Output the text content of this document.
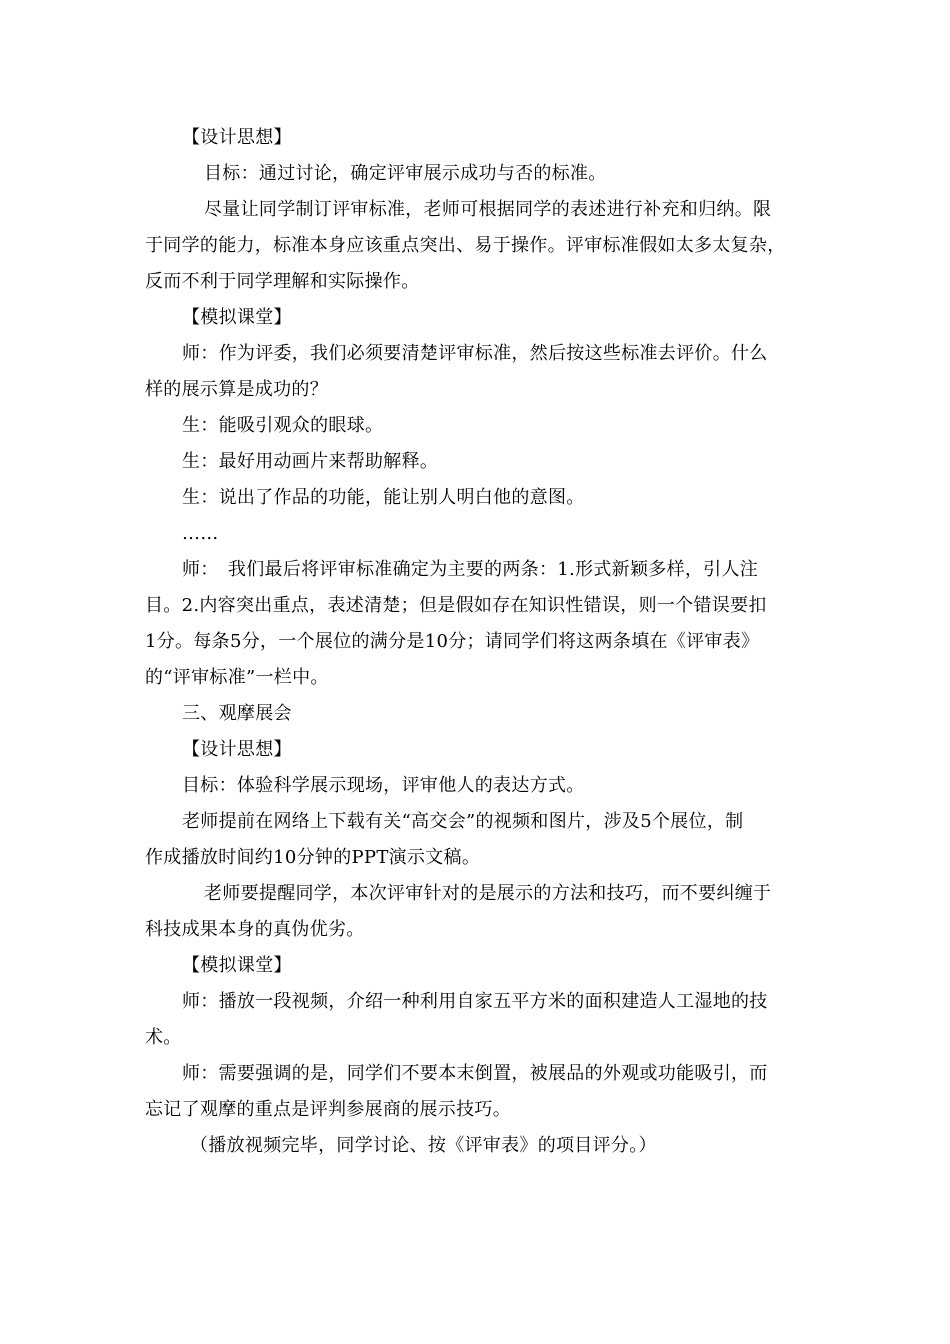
【设计思想】
目标：通过讨论，确定评审展示成功与否的标准。
尽量让同学制订评审标准，老师可根据同学的表述进行补充和归纳。限
于同学的能力，标准本身应该重点突出、易于操作。评审标准假如太多太复杂，
反而不利于同学理解和实际操作。
【模拟课堂】
师：作为评委，我们必须要清楚评审标准，然后按这些标准去评价。什么
样的展示算是成功的？
生：能吸引观众的眼球。
生：最好用动画片来帮助解释。
生：说出了作品的功能，能让别人明白他的意图。
……
师：　我们最后将评审标准确定为主要的两条：1.形式新颖多样，引人注
目。2.内容突出重点，表述清楚；但是假如存在知识性错误，则一个错误要扣
1分。每条5分，一个展位的满分是10分；请同学们将这两条填在《评审表》
的“评审标准”一栏中。
三、观摩展会
【设计思想】
目标：体验科学展示现场，评审他人的表达方式。
老师提前在网络上下载有关“高交会”的视频和图片，涉及5个展位，制
作成播放时间约10分钟的PPT演示文稿。
老师要提醒同学，本次评审针对的是展示的方法和技巧，而不要纠缠于
科技成果本身的真伪优劣。
【模拟课堂】
师：播放一段视频，介绍一种利用自家五平方米的面积建造人工湿地的技
术。
师：需要强调的是，同学们不要本末倒置，被展品的外观或功能吸引，而
忘记了观摩的重点是评判参展商的展示技巧。
（播放视频完毕，同学讨论、按《评审表》的项目评分。）
